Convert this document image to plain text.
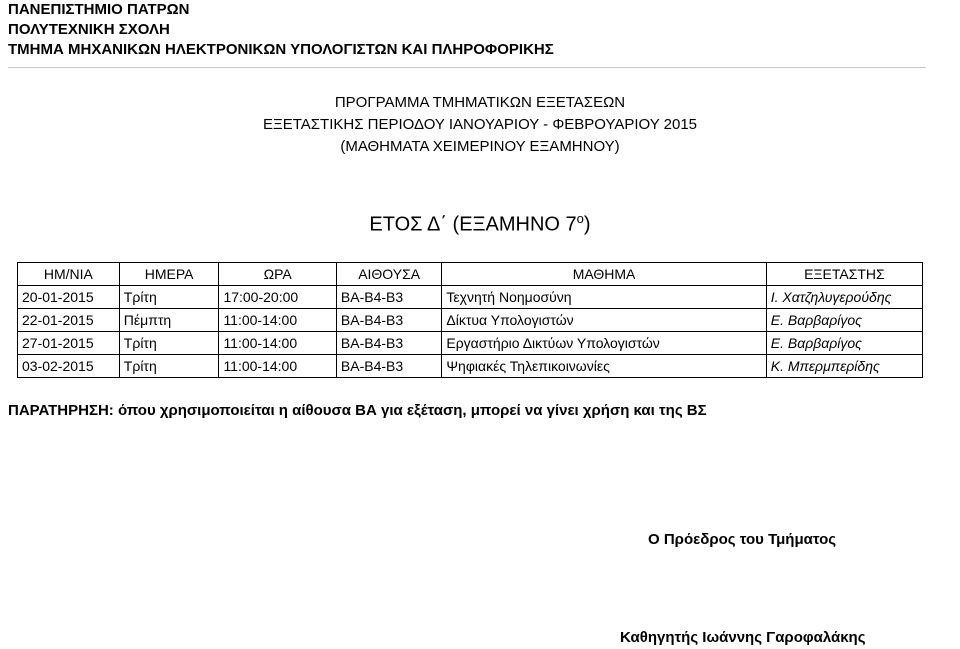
ΠΑΝΕΠΙΣΤΗΜΙΟ ΠΑΤΡΩΝ
ΠΟΛΥΤΕΧΝΙΚΗ ΣΧΟΛΗ
ΤΜΗΜΑ ΜΗΧΑΝΙΚΩΝ ΗΛΕΚΤΡΟΝΙΚΩΝ ΥΠΟΛΟΓΙΣΤΩΝ ΚΑΙ ΠΛΗΡΟΦΟΡΙΚΗΣ
ΠΡΟΓΡΑΜΜΑ ΤΜΗΜΑΤΙΚΩΝ ΕΞΕΤΑΣΕΩΝ
ΕΞΕΤΑΣΤΙΚΗΣ ΠΕΡΙΟΔΟΥ ΙΑΝΟΥΑΡΙΟΥ - ΦΕΒΡΟΥΑΡΙΟΥ 2015
(ΜΑΘΗΜΑΤΑ ΧΕΙΜΕΡΙΝΟΥ ΕΞΑΜΗΝΟΥ)
ΕΤΟΣ Δ΄ (ΕΞΑΜΗΝΟ $7^o$)
ΗΜ/ΝΙΑ	ΗΜΕΡΑ	ΩΡΑ	ΑΙΘΟΥΣΑ	ΜΑΘΗΜΑ	ΕΞΕΤΑΣΤΗΣ
20-01-2015	Τρίτη	17:00-20:00	ΒΑ-Β4-Β3	Τεχνητή Νοημοσύνη	Ι. Χατζηλυγερούδης
22-01-2015	Πέμπτη	11:00-14:00	ΒΑ-Β4-Β3	Δίκτυα Υπολογιστών	Ε. Βαρβαρίγος
27-01-2015	Τρίτη	11:00-14:00	ΒΑ-Β4-Β3	Εργαστήριο Δικτύων Υπολογιστών	Ε. Βαρβαρίγος
03-02-2015	Τρίτη	11:00-14:00	ΒΑ-Β4-Β3	Ψηφιακές Τηλεπικοινωνίες	Κ. Μπερμπερίδης
ΠΑΡΑΤΗΡΗΣΗ: όπου χρησιμοποιείται η αίθουσα ΒΑ για εξέταση, μπορεί να γίνει χρήση και της ΒΣ
Ο Πρόεδρος του Τμήματος
Καθηγητής Ιωάννης Γαροφαλάκης
